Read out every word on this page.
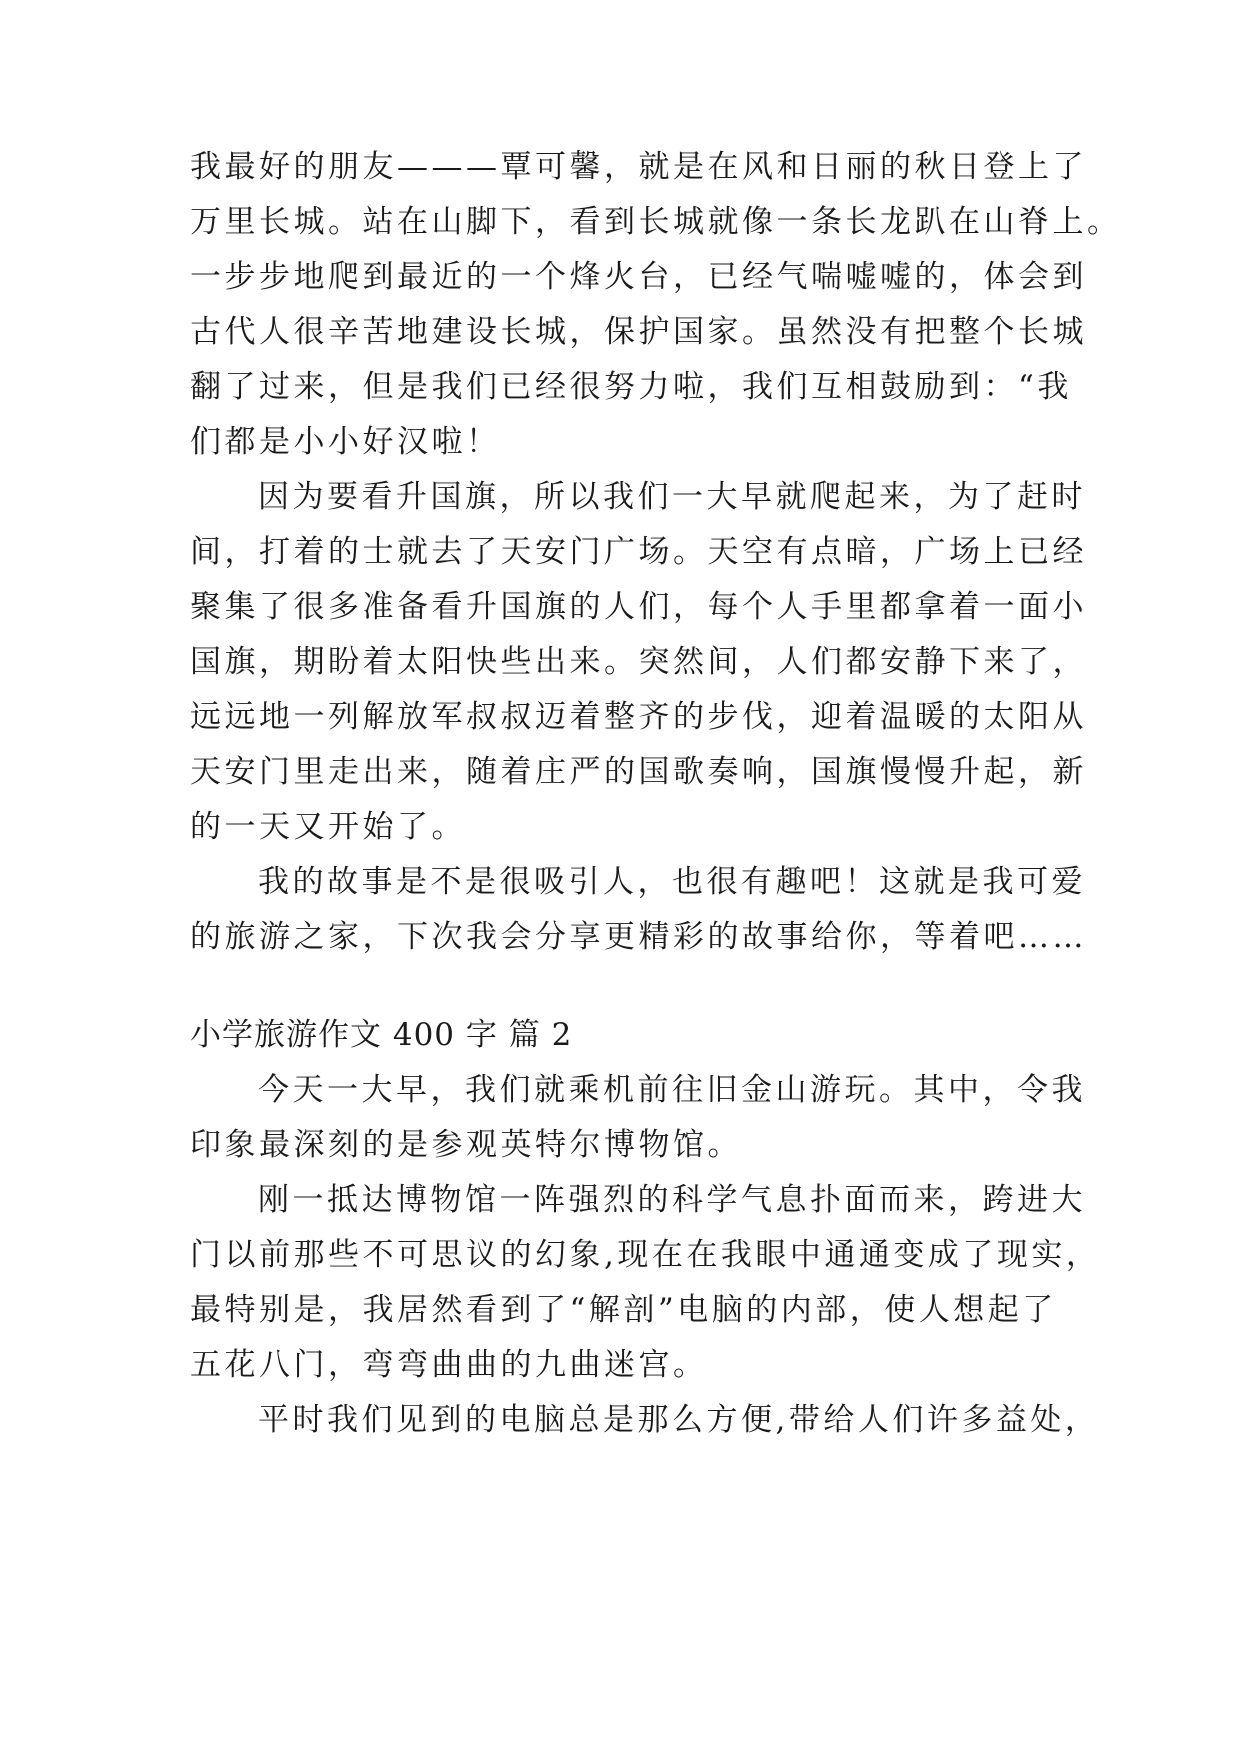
我最好的朋友———覃可馨，就是在风和日丽的秋日登上了
万里长城。站在山脚下，看到长城就像一条长龙趴在山脊上。
一步步地爬到最近的一个烽火台，已经气喘嘘嘘的，体会到
古代人很辛苦地建设长城，保护国家。虽然没有把整个长城
翻了过来，但是我们已经很努力啦，我们互相鼓励到：“我
们都是小小好汉啦！
因为要看升国旗，所以我们一大早就爬起来，为了赶时
间，打着的士就去了天安门广场。天空有点暗，广场上已经
聚集了很多准备看升国旗的人们，每个人手里都拿着一面小
国旗，期盼着太阳快些出来。突然间，人们都安静下来了，
远远地一列解放军叔叔迈着整齐的步伐，迎着温暖的太阳从
天安门里走出来，随着庄严的国歌奏响，国旗慢慢升起，新
的一天又开始了。
我的故事是不是很吸引人，也很有趣吧！这就是我可爱
的旅游之家，下次我会分享更精彩的故事给你，等着吧……
小学旅游作文 400 字 篇 2
今天一大早，我们就乘机前往旧金山游玩。其中，令我
印象最深刻的是参观英特尔博物馆。
刚一抵达博物馆一阵强烈的科学气息扑面而来，跨进大
门以前那些不可思议的幻象,现在在我眼中通通变成了现实，
最特别是，我居然看到了“解剖”电脑的内部，使人想起了
五花八门，弯弯曲曲的九曲迷宫。
平时我们见到的电脑总是那么方便,带给人们许多益处，
